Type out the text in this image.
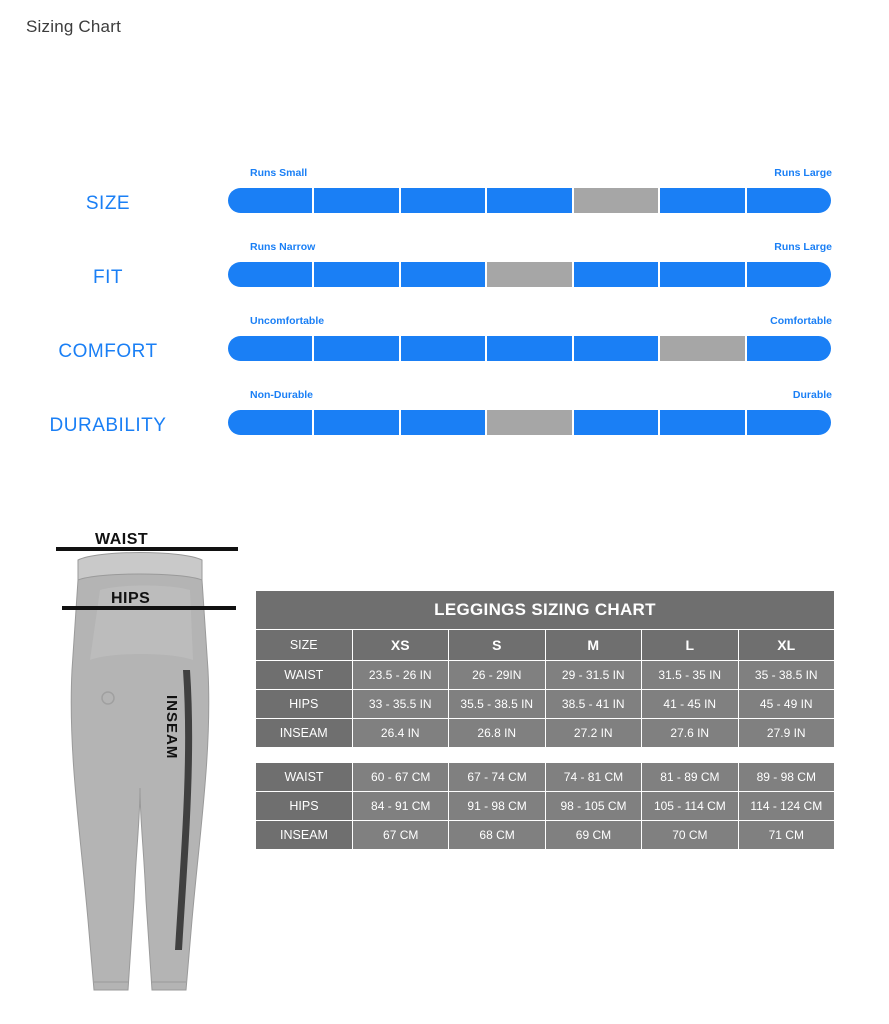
Sizing Chart
SIZE
Runs Small	Runs Large
FIT
Runs Narrow	Runs Large
COMFORT
Uncomfortable	Comfortable
DURABILITY
Non-Durable	Durable
WAIST
HIPS
INSEAM
LEGGINGS SIZING CHART					
SIZE	XS	S	M	L	XL
WAIST	23.5 - 26 IN	26 - 29IN	29 - 31.5 IN	31.5 - 35 IN	35 - 38.5 IN
HIPS	33 - 35.5 IN	35.5 - 38.5 IN	38.5 - 41 IN	41 - 45 IN	45 - 49 IN
INSEAM	26.4 IN	26.8 IN	27.2 IN	27.6 IN	27.9 IN
WAIST	60 - 67 CM	67 - 74 CM	74 - 81 CM	81 - 89 CM	89 - 98 CM
HIPS	84 - 91 CM	91 - 98 CM	98 - 105 CM	105 - 114 CM	114 - 124 CM
INSEAM	67 CM	68 CM	69 CM	70 CM	71 CM
